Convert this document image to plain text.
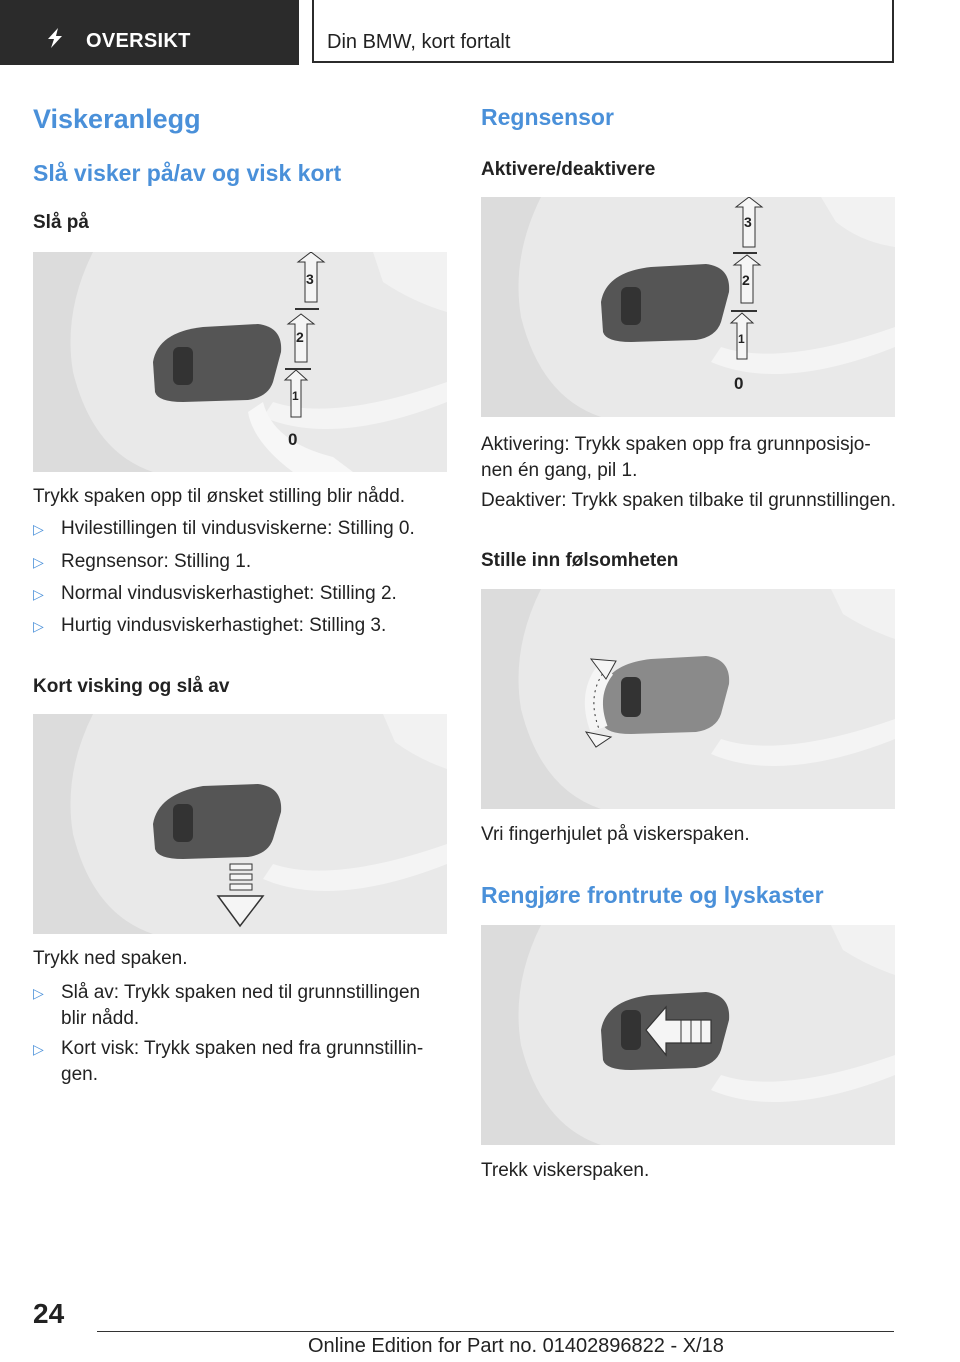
OVERSIKT	Din BMW, kort fortalt
Viskeranlegg
Slå visker på/av og visk kort
Slå på
3
2
1
0
Trykk spaken opp til ønsket stilling blir nådd.
▷ Hvilestillingen til vindusviskerne: Stilling 0.
▷ Regnsensor: Stilling 1.
▷ Normal vindusviskerhastighet: Stilling 2.
▷ Hurtig vindusviskerhastighet: Stilling 3.
Kort visking og slå av
Trykk ned spaken.
▷ Slå av: Trykk spaken ned til grunnstillingen
blir nådd.
▷ Kort visk: Trykk spaken ned fra grunnstillin-
gen.
Regnsensor
Aktivere/deaktivere
3
2
1
0
Aktivering: Trykk spaken opp fra grunnposisjo-
nen én gang, pil 1.
Deaktiver: Trykk spaken tilbake til grunnstillingen.
Stille inn følsomheten
Vri fingerhjulet på viskerspaken.
Rengjøre frontrute og lyskaster
Trekk viskerspaken.
24
Online Edition for Part no. 01402896822 - X/18
